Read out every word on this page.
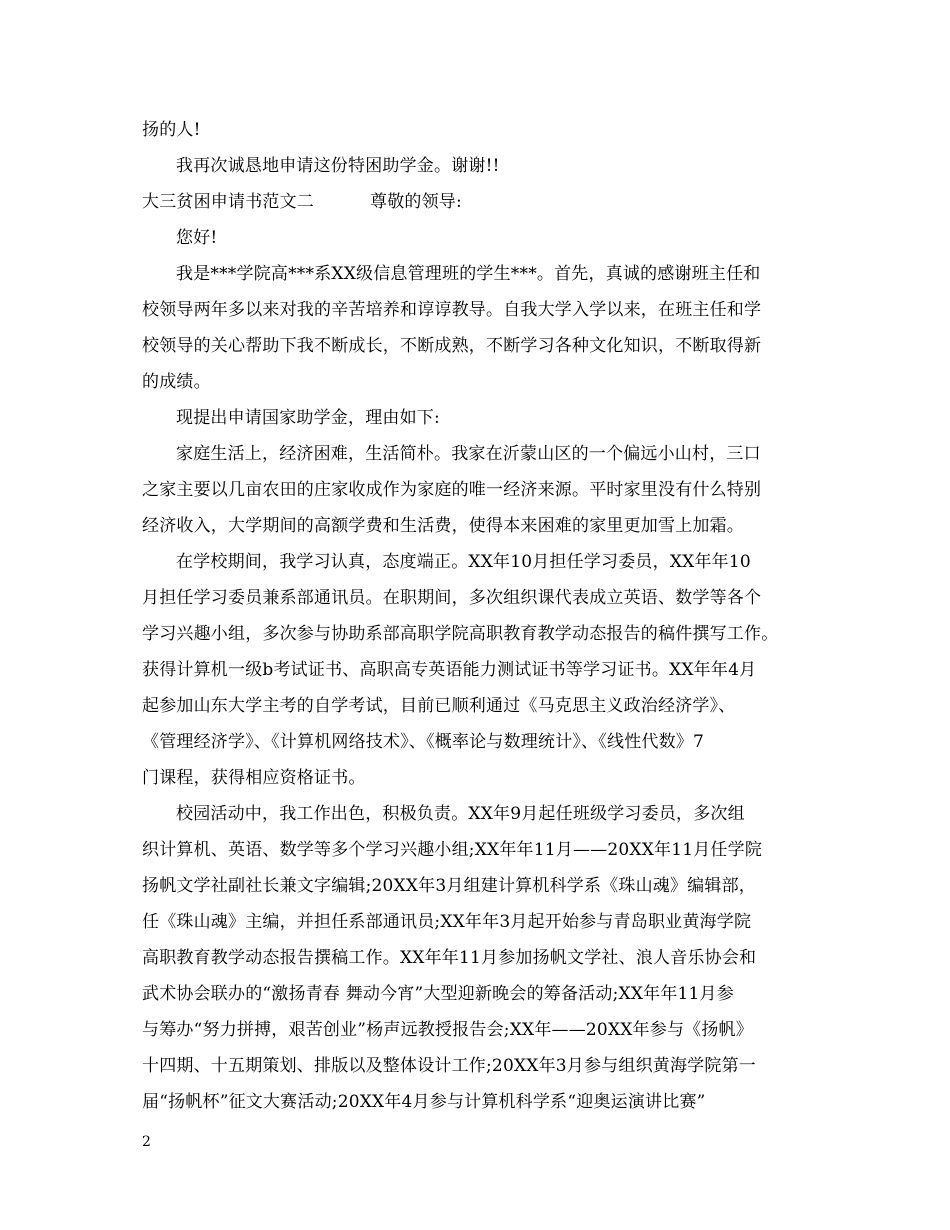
扬的人!
我再次诚恳地申请这份特困助学金。谢谢!!
大三贫困申请书范文二	尊敬的领导:
您好!
我是***学院高***系XX级信息管理班的学生***。首先，真诚的感谢班主任和
校领导两年多以来对我的辛苦培养和谆谆教导。自我大学入学以来，在班主任和学
校领导的关心帮助下我不断成长，不断成熟，不断学习各种文化知识，不断取得新
的成绩。
现提出申请国家助学金，理由如下:
家庭生活上，经济困难，生活简朴。我家在沂蒙山区的一个偏远小山村，三口
之家主要以几亩农田的庄家收成作为家庭的唯一经济来源。平时家里没有什么特别
经济收入，大学期间的高额学费和生活费，使得本来困难的家里更加雪上加霜。
在学校期间，我学习认真，态度端正。XX年10月担任学习委员，XX年年10
月担任学习委员兼系部通讯员。在职期间，多次组织课代表成立英语、数学等各个
学习兴趣小组，多次参与协助系部高职学院高职教育教学动态报告的稿件撰写工作。
获得计算机一级b考试证书、高职高专英语能力测试证书等学习证书。XX年年4月
起参加山东大学主考的自学考试，目前已顺利通过《马克思主义政治经济学》、
《管理经济学》、《计算机网络技术》、《概率论与数理统计》、《线性代数》7
门课程，获得相应资格证书。
校园活动中，我工作出色，积极负责。XX年9月起任班级学习委员，多次组
织计算机、英语、数学等多个学习兴趣小组;XX年年11月——20XX年11月任学院
扬帆文学社副社长兼文字编辑;20XX年3月组建计算机科学系《珠山魂》编辑部，
任《珠山魂》主编，并担任系部通讯员;XX年年3月起开始参与青岛职业黄海学院
高职教育教学动态报告撰稿工作。XX年年11月参加扬帆文学社、浪人音乐协会和
武术协会联办的“激扬青春 舞动今宵”大型迎新晚会的筹备活动;XX年年11月参
与筹办“努力拼搏，艰苦创业”杨声远教授报告会;XX年——20XX年参与《扬帆》
十四期、十五期策划、排版以及整体设计工作;20XX年3月参与组织黄海学院第一
届“扬帆杯”征文大赛活动;20XX年4月参与计算机科学系“迎奥运演讲比赛”
2
